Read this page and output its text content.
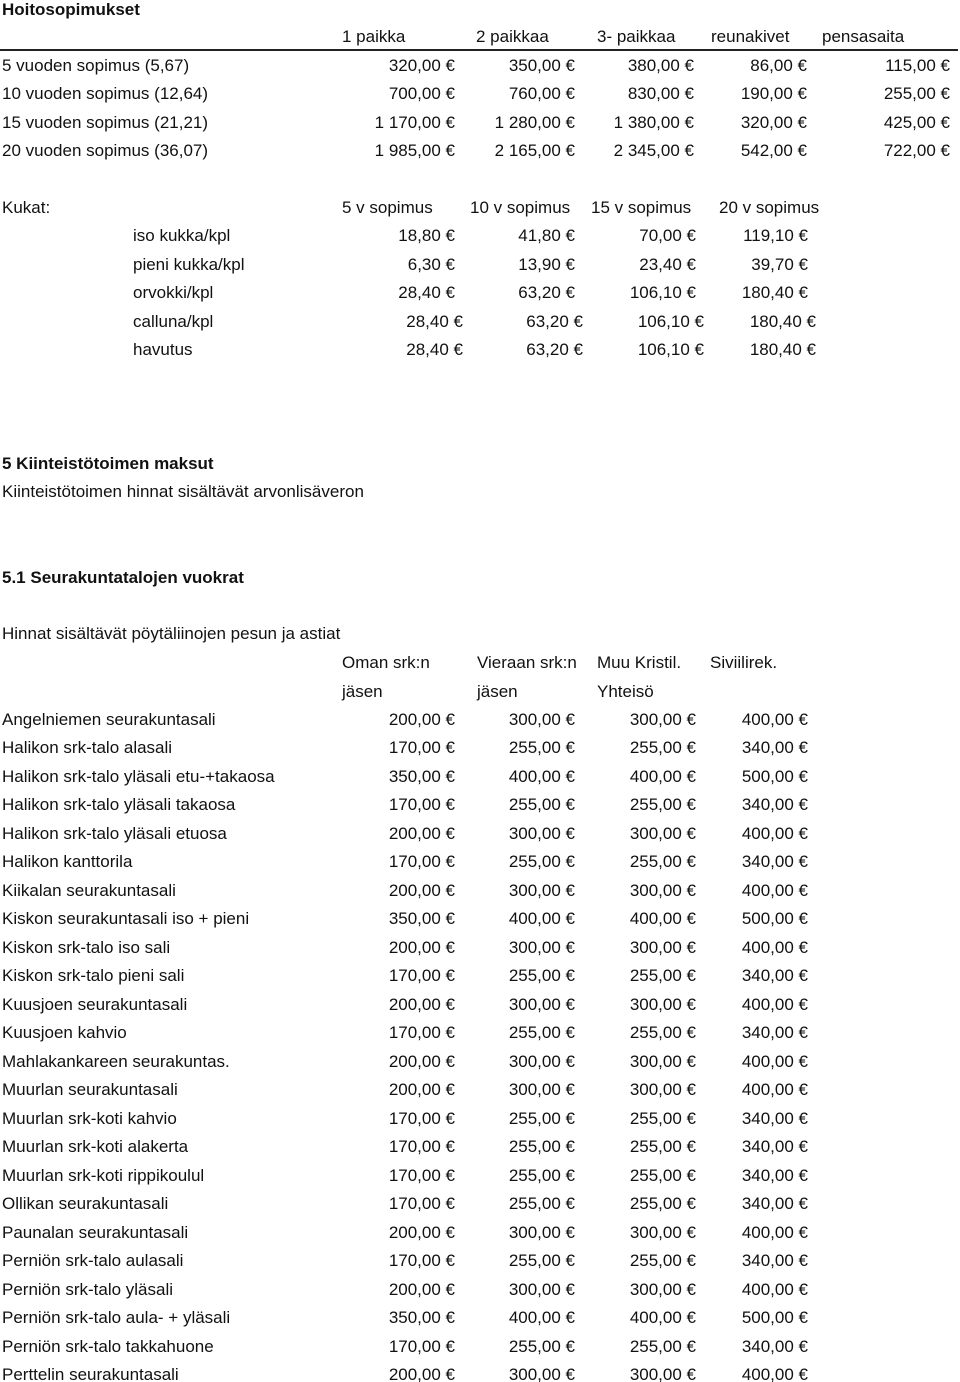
Hoitosopimukset
1 paikka	2 paikkaa	3- paikkaa reunakivet pensasaita
5 vuoden sopimus (5,67)	320,00 €	350,00 €	380,00 €	86,00 €	115,00 €
10 vuoden sopimus (12,64)	700,00 €	760,00 €	830,00 €	190,00 €	255,00 €
15 vuoden sopimus (21,21)	1 170,00 € 1 280,00 € 1 380,00 €	320,00 €	425,00 €
20 vuoden sopimus (36,07)	1 985,00 € 2 165,00 € 2 345,00 €	542,00 €	722,00 €
Kukat:	5 v sopimus 10 v sopimus 15 v sopimus 20 v sopimus
iso kukka/kpl	18,80 €	41,80 €	70,00 €	119,10 €
pieni kukka/kpl	6,30 €	13,90 €	23,40 €	39,70 €
orvokki/kpl	28,40 €	63,20 €	106,10 €	180,40 €
calluna/kpl	28,40 €	63,20 €	106,10 €	180,40 €
havutus	28,40 €	63,20 €	106,10 €	180,40 €
5 Kiinteistötoimen maksut
Kiinteistötoimen hinnat sisältävät arvonlisäveron
5.1 Seurakuntatalojen vuokrat
Hinnat sisältävät pöytäliinojen pesun ja astiat
Oman srk:n	Vieraan srk:n	Muu Kristil. Siviilirek.
jäsen	jäsen	Yhteisö
Angelniemen seurakuntasali	200,00 €	300,00 €	300,00 €	400,00 €
Halikon srk-talo alasali	170,00 €	255,00 €	255,00 €	340,00 €
Halikon srk-talo yläsali etu-+takaosa	350,00 €	400,00 €	400,00 €	500,00 €
Halikon srk-talo yläsali takaosa	170,00 €	255,00 €	255,00 €	340,00 €
Halikon srk-talo yläsali etuosa	200,00 €	300,00 €	300,00 €	400,00 €
Halikon kanttorila	170,00 €	255,00 €	255,00 €	340,00 €
Kiikalan seurakuntasali	200,00 €	300,00 €	300,00 €	400,00 €
Kiskon seurakuntasali iso + pieni	350,00 €	400,00 €	400,00 €	500,00 €
Kiskon srk-talo iso sali	200,00 €	300,00 €	300,00 €	400,00 €
Kiskon srk-talo pieni sali	170,00 €	255,00 €	255,00 €	340,00 €
Kuusjoen seurakuntasali	200,00 €	300,00 €	300,00 €	400,00 €
Kuusjoen kahvio	170,00 €	255,00 €	255,00 €	340,00 €
Mahlakankareen seurakuntas.	200,00 €	300,00 €	300,00 €	400,00 €
Muurlan seurakuntasali	200,00 €	300,00 €	300,00 €	400,00 €
Muurlan srk-koti kahvio	170,00 €	255,00 €	255,00 €	340,00 €
Muurlan srk-koti alakerta	170,00 €	255,00 €	255,00 €	340,00 €
Muurlan srk-koti rippikoulul	170,00 €	255,00 €	255,00 €	340,00 €
Ollikan seurakuntasali	170,00 €	255,00 €	255,00 €	340,00 €
Paunalan seurakuntasali	200,00 €	300,00 €	300,00 €	400,00 €
Perniön srk-talo aulasali	170,00 €	255,00 €	255,00 €	340,00 €
Perniön srk-talo yläsali	200,00 €	300,00 €	300,00 €	400,00 €
Perniön srk-talo aula- + yläsali	350,00 €	400,00 €	400,00 €	500,00 €
Perniön srk-talo takkahuone	170,00 €	255,00 €	255,00 €	340,00 €
Perttelin seurakuntasali	200,00 €	300,00 €	300,00 €	400,00 €
